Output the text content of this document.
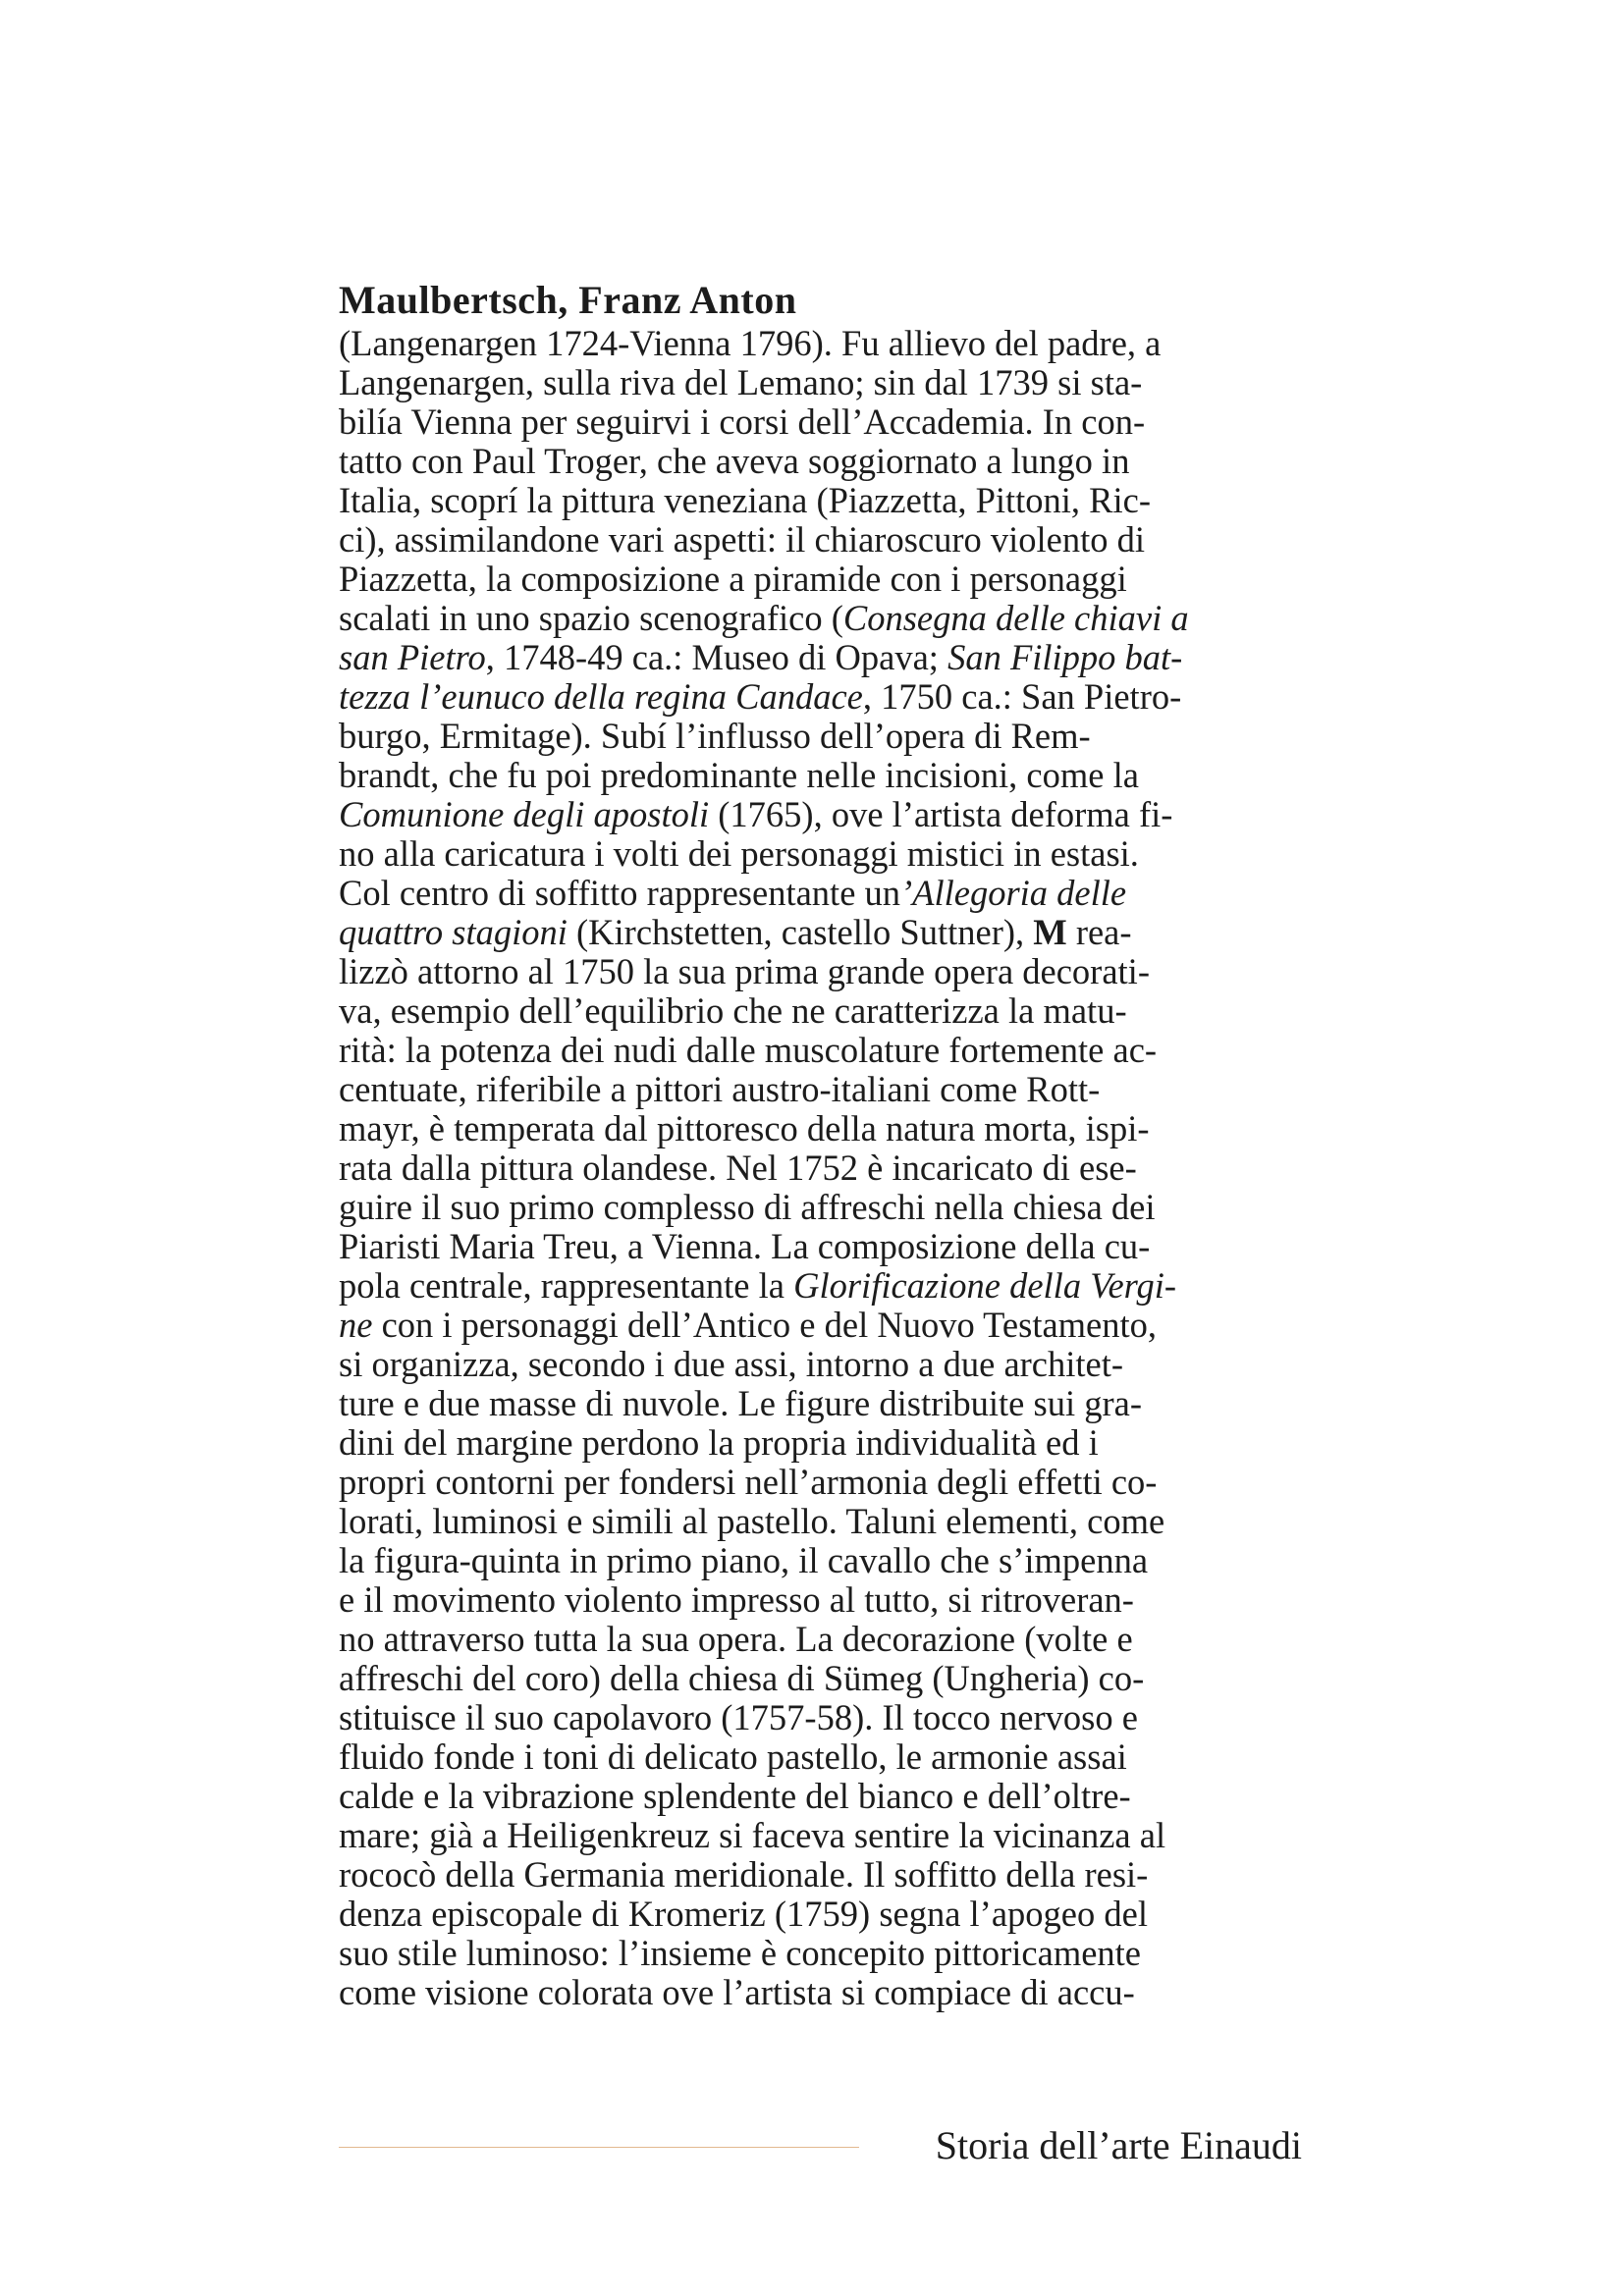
Maulbertsch, Franz Anton
(Langenargen 1724-Vienna 1796). Fu allievo del padre, a
Langenargen, sulla riva del Lemano; sin dal 1739 si sta-
bilía Vienna per seguirvi i corsi dell’Accademia. In con-
tatto con Paul Troger, che aveva soggiornato a lungo in
Italia, scoprí la pittura veneziana (Piazzetta, Pittoni, Ric-
ci), assimilandone vari aspetti: il chiaroscuro violento di
Piazzetta, la composizione a piramide con i personaggi
scalati in uno spazio scenografico (Consegna delle chiavi a
san Pietro, 1748-49 ca.: Museo di Opava; San Filippo bat-
tezza l’eunuco della regina Candace, 1750 ca.: San Pietro-
burgo, Ermitage). Subí l’influsso dell’opera di Rem-
brandt, che fu poi predominante nelle incisioni, come la
Comunione degli apostoli (1765), ove l’artista deforma fi-
no alla caricatura i volti dei personaggi mistici in estasi.
Col centro di soffitto rappresentante un’Allegoria delle
quattro stagioni (Kirchstetten, castello Suttner), M rea-
lizzò attorno al 1750 la sua prima grande opera decorati-
va, esempio dell’equilibrio che ne caratterizza la matu-
rità: la potenza dei nudi dalle muscolature fortemente ac-
centuate, riferibile a pittori austro-italiani come Rott-
mayr, è temperata dal pittoresco della natura morta, ispi-
rata dalla pittura olandese. Nel 1752 è incaricato di ese-
guire il suo primo complesso di affreschi nella chiesa dei
Piaristi Maria Treu, a Vienna. La composizione della cu-
pola centrale, rappresentante la Glorificazione della Vergi-
ne con i personaggi dell’Antico e del Nuovo Testamento,
si organizza, secondo i due assi, intorno a due architet-
ture e due masse di nuvole. Le figure distribuite sui gra-
dini del margine perdono la propria individualità ed i
propri contorni per fondersi nell’armonia degli effetti co-
lorati, luminosi e simili al pastello. Taluni elementi, come
la figura-quinta in primo piano, il cavallo che s’impenna
e il movimento violento impresso al tutto, si ritroveran-
no attraverso tutta la sua opera. La decorazione (volte e
affreschi del coro) della chiesa di Sümeg (Ungheria) co-
stituisce il suo capolavoro (1757-58). Il tocco nervoso e
fluido fonde i toni di delicato pastello, le armonie assai
calde e la vibrazione splendente del bianco e dell’oltre-
mare; già a Heiligenkreuz si faceva sentire la vicinanza al
rococò della Germania meridionale. Il soffitto della resi-
denza episcopale di Kromeriz (1759) segna l’apogeo del
suo stile luminoso: l’insieme è concepito pittoricamente
come visione colorata ove l’artista si compiace di accu-
Storia dell’arte Einaudi
